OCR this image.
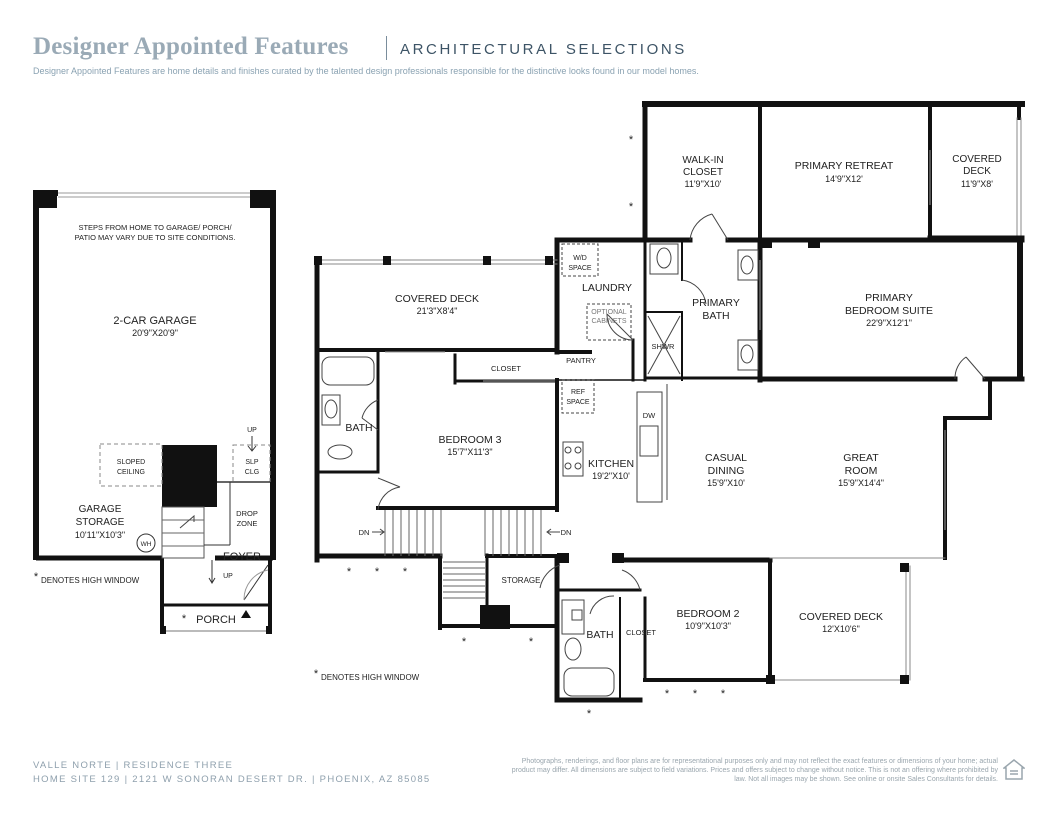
Designer Appointed Features	ARCHITECTURAL SELECTIONS
Designer Appointed Features are home details and finishes curated by the talented design professionals responsible for the distinctive looks found in our model homes.
STEPS FROM HOME TO GARAGE/ PORCH/
PATIO MAY VARY DUE TO SITE CONDITIONS.
2-CAR GARAGE
20'9"X20'9"
SLOPED
CEILING
SLP
CLG
UP
GARAGE
STORAGE
10'11"X10'3"
WH
DROP
ZONE
FOYER
UP
PORCH
*
WALK-IN
CLOSET
11'9"X10'
PRIMARY RETREAT
14'9"X12'
COVERED
DECK
11'9"X8'
W/D
SPACE
LAUNDRY
OPTIONAL
CABINETS
PRIMARY
BATH
SHWR
PRIMARY
BEDROOM SUITE
22'9"X12'1"
COVERED DECK
21'3"X8'4"
PANTRY
CLOSET
REF
SPACE
BATH
BEDROOM 3
15'7"X11'3"
DW
KITCHEN
19'2"X10'
CASUAL
DINING
15'9"X10'
GREAT
ROOM
15'9"X14'4"
DN	DN
STORAGE
BATH CLOSET
BEDROOM 2
10'9"X10'3"
COVERED DECK
12'X10'6"
*
*
* * *
*	*
* * *
*
*
*
DENOTES HIGH WINDOW
DENOTES HIGH WINDOW
VALLE NORTE | RESIDENCE THREE
HOME SITE 129 | 2121 W SONORAN DESERT DR. | PHOENIX, AZ 85085
Photographs, renderings, and floor plans are for representational purposes only and may not reflect the exact features or dimensions of your home; actual product may differ. All dimensions are subject to field variations. Prices and offers subject to change without notice. This is not an offering where prohibited by law. Not all images may be shown. See online or onsite Sales Consultants for details.
